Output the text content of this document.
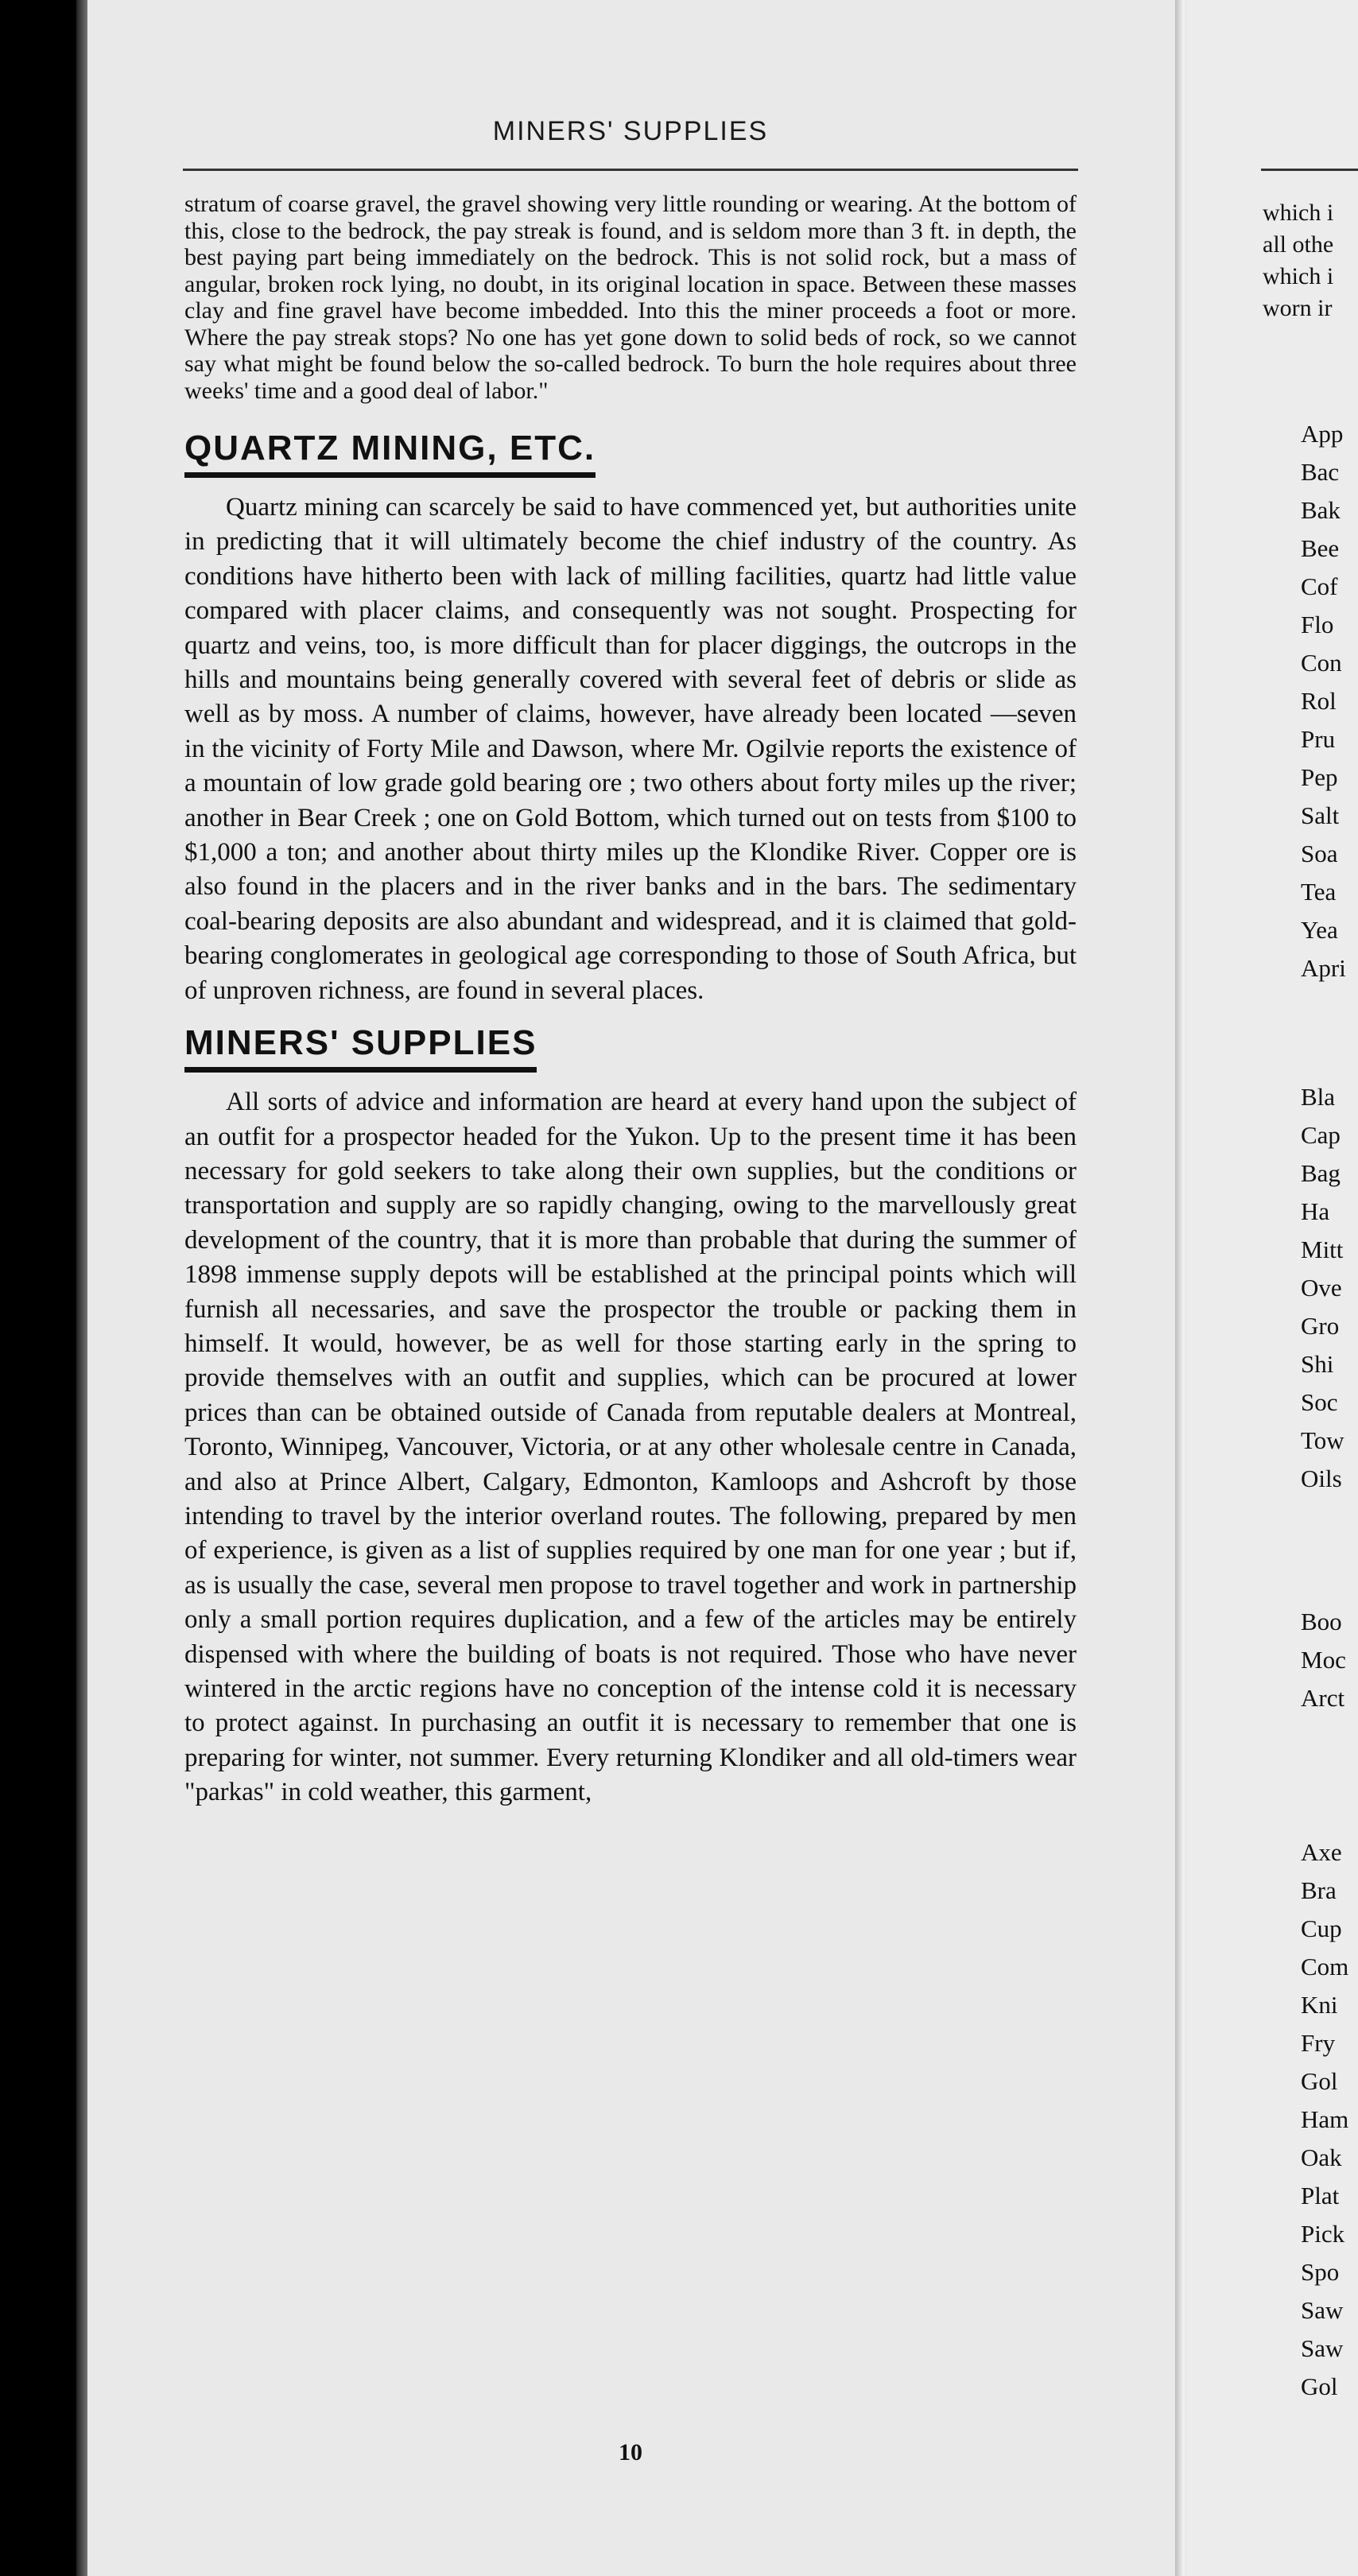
MINERS' SUPPLIES

stratum of coarse gravel, the gravel showing very little rounding or wearing. At the bottom of this, close to the bedrock, the pay streak is found, and is seldom more than 3 ft. in depth, the best paying part being immediately on the bedrock. This is not solid rock, but a mass of angular, broken rock lying, no doubt, in its original location in space. Between these masses clay and fine gravel have become imbedded. Into this the miner proceeds a foot or more. Where the pay streak stops? No one has yet gone down to solid beds of rock, so we cannot say what might be found below the so-called bedrock. To burn the hole requires about three weeks' time and a good deal of labor."

QUARTZ MINING, ETC.

Quartz mining can scarcely be said to have commenced yet, but authorities unite in predicting that it will ultimately become the chief industry of the country. As conditions have hitherto been with lack of milling facilities, quartz had little value compared with placer claims, and consequently was not sought. Prospecting for quartz and veins, too, is more difficult than for placer diggings, the outcrops in the hills and mountains being generally covered with several feet of debris or slide as well as by moss. A number of claims, however, have already been located —seven in the vicinity of Forty Mile and Dawson, where Mr. Ogilvie reports the existence of a mountain of low grade gold bearing ore ; two others about forty miles up the river; another in Bear Creek ; one on Gold Bottom, which turned out on tests from $100 to $1,000 a ton; and another about thirty miles up the Klondike River. Copper ore is also found in the placers and in the river banks and in the bars. The sedimentary coal-bearing deposits are also abundant and widespread, and it is claimed that gold-bearing conglomerates in geological age corresponding to those of South Africa, but of unproven richness, are found in several places.

MINERS' SUPPLIES

All sorts of advice and information are heard at every hand upon the subject of an outfit for a prospector headed for the Yukon. Up to the present time it has been necessary for gold seekers to take along their own supplies, but the conditions or transportation and supply are so rapidly changing, owing to the marvellously great development of the country, that it is more than probable that during the summer of 1898 immense supply depots will be established at the principal points which will furnish all necessaries, and save the prospector the trouble or packing them in himself. It would, however, be as well for those starting early in the spring to provide themselves with an outfit and supplies, which can be procured at lower prices than can be obtained outside of Canada from reputable dealers at Montreal, Toronto, Winnipeg, Vancouver, Victoria, or at any other wholesale centre in Canada, and also at Prince Albert, Calgary, Edmonton, Kamloops and Ashcroft by those intending to travel by the interior overland routes. The following, prepared by men of experience, is given as a list of supplies required by one man for one year ; but if, as is usually the case, several men propose to travel together and work in partnership only a small portion requires duplication, and a few of the articles may be entirely dispensed with where the building of boats is not required. Those who have never wintered in the arctic regions have no conception of the intense cold it is necessary to protect against. In purchasing an outfit it is necessary to remember that one is preparing for winter, not summer. Every returning Klondiker and all old-timers wear "parkas" in cold weather, this garment,

10
which i
all othe
which i
worn ir
App
Bac
Bak
Bee
Cof
Flo
Con
Rol
Pru
Pep
Salt
Soa
Tea
Yea
Apri
Bla
Cap
Bag
Ha
Mitt
Ove
Gro
Shi
Soc
Tow
Oils
Boo
Moc
Arct
Axe
Bra
Cup
Com
Kni
Fry
Gol
Ham
Oak
Plat
Pick
Spo
Saw
Saw
Gol
